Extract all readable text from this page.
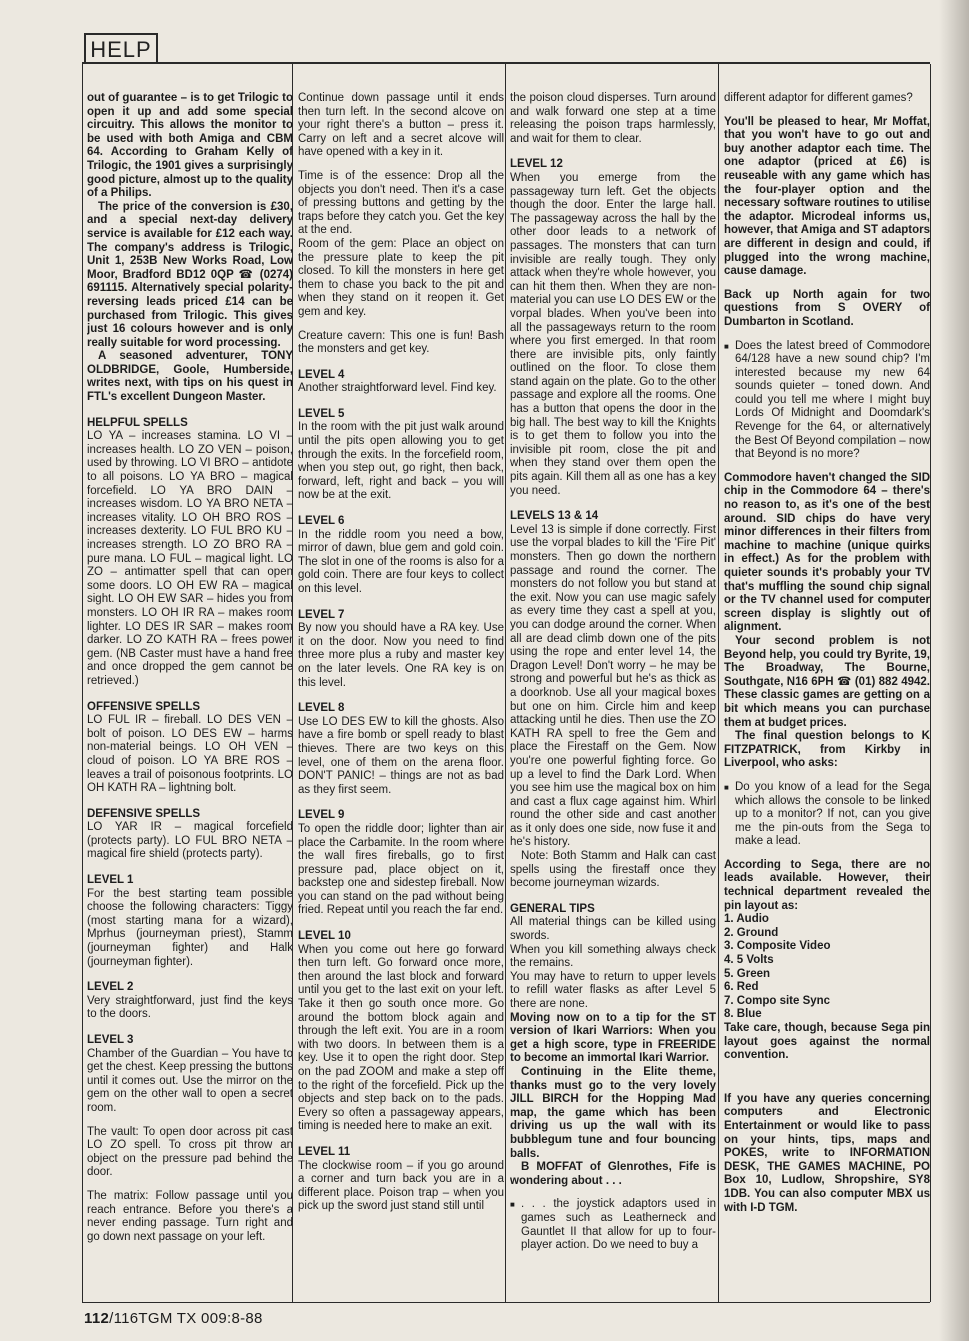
HELP

out of guarantee – is to get Trilogic to open it up and add some special circuitry. This allows the monitor to be used with both Amiga and CBM 64. According to Graham Kelly of Trilogic, the 1901 gives a surprisingly good picture, almost up to the quality of a Philips.

The price of the conversion is £30, and a special next-day delivery service is available for £12 each way. The company's address is Trilogic, Unit 1, 253B New Works Road, Low Moor, Bradford BD12 0QP ☎ (0274) 691115. Alternatively special polarity-reversing leads priced £14 can be purchased from Trilogic. This gives just 16 colours however and is only really suitable for word processing.

A seasoned adventurer, TONY OLDBRIDGE, Goole, Humberside, writes next, with tips on his quest in FTL's excellent Dungeon Master.

HELPFUL SPELLS

LO YA – increases stamina. LO VI – increases health. LO ZO VEN – poison, used by throwing. LO VI BRO – antidote to all poisons. LO YA BRO – magical forcefield. LO YA BRO DAIN – increases wisdom. LO YA BRO NETA – increases vitality. LO OH BRO ROS – increases dexterity. LO FUL BRO KU – increases strength. LO ZO BRO RA – pure mana. LO FUL – magical light. LO ZO – antimatter spell that can open some doors. LO OH EW RA – magical sight. LO OH EW SAR – hides you from monsters. LO OH IR RA – makes room lighter. LO DES IR SAR – makes room darker. LO ZO KATH RA – frees power gem. (NB Caster must have a hand free and once dropped the gem cannot be retrieved.)

OFFENSIVE SPELLS

LO FUL IR – fireball. LO DES VEN – bolt of poison. LO DES EW – harms non-material beings. LO OH VEN – cloud of poison. LO YA BRE ROS – leaves a trail of poisonous footprints. LO OH KATH RA – lightning bolt.

DEFENSIVE SPELLS

LO YAR IR – magical forcefield (protects party). LO FUL BRO NETA – magical fire shield (protects party).

LEVEL 1

For the best starting team possible choose the following characters: Tiggy (most starting mana for a wizard), Mprhus (journeyman priest), Stamm (journeyman fighter) and Halk (journeyman fighter).

LEVEL 2

Very straightforward, just find the keys to the doors.

LEVEL 3

Chamber of the Guardian – You have to get the chest. Keep pressing the buttons until it comes out. Use the mirror on the gem on the other wall to open a secret room.

The vault: To open door across pit cast LO ZO spell. To cross pit throw an object on the pressure pad behind the door.

The matrix: Follow passage until you reach entrance. Before you there's a never ending passage. Turn right and go down next passage on your left.

Continue down passage until it ends then turn left. In the second alcove on your right there's a button – press it. Carry on left and a secret alcove will have opened with a key in it.

Time is of the essence: Drop all the objects you don't need. Then it's a case of pressing buttons and getting by the traps before they catch you. Get the key at the end.

Room of the gem: Place an object on the pressure plate to keep the pit closed. To kill the monsters in here get them to chase you back to the pit and when they stand on it reopen it. Get gem and key.

Creature cavern: This one is fun! Bash the monsters and get key.

LEVEL 4

Another straightforward level. Find key.

LEVEL 5

In the room with the pit just walk around until the pits open allowing you to get through the exits. In the forcefield room, when you step out, go right, then back, forward, left, right and back – you will now be at the exit.

LEVEL 6

In the riddle room you need a bow, mirror of dawn, blue gem and gold coin. The slot in one of the rooms is also for a gold coin. There are four keys to collect on this level.

LEVEL 7

By now you should have a RA key. Use it on the door. Now you need to find three more plus a ruby and master key on the later levels. One RA key is on this level.

LEVEL 8

Use LO DES EW to kill the ghosts. Also have a fire bomb or spell ready to blast thieves. There are two keys on this level, one of them on the arena floor. DON'T PANIC! – things are not as bad as they first seem.

LEVEL 9

To open the riddle door; lighter than air place the Carbamite. In the room where the wall fires fireballs, go to first pressure pad, place object on it, backstep one and sidestep fireball. Now you can stand on the pad without being fried. Repeat until you reach the far end.

LEVEL 10

When you come out here go forward then turn left. Go forward once more, then around the last block and forward until you get to the last exit on your left. Take it then go south once more. Go around the bottom block again and through the left exit. You are in a room with two doors. In between them is a key. Use it to open the right door. Step on the pad ZOOM and make a step off to the right of the forcefield. Pick up the objects and step back on to the pads. Every so often a passageway appears, timing is needed here to make an exit.

LEVEL 11

The clockwise room – if you go around a corner and turn back you are in a different place. Poison trap – when you pick up the sword just stand still until

the poison cloud disperses. Turn around and walk forward one step at a time releasing the poison traps harmlessly, and wait for them to clear.

LEVEL 12

When you emerge from the passageway turn left. Get the objects though the door. Enter the large hall. The passageway across the hall by the other door leads to a network of passages. The monsters that can turn invisible are really tough. They only attack when they're whole however, you can hit them then. When they are non-material you can use LO DES EW or the vorpal blades. When you've been into all the passageways return to the room where you first emerged. In that room there are invisible pits, only faintly outlined on the floor. To close them stand again on the plate. Go to the other passage and explore all the rooms. One has a button that opens the door in the big hall. The best way to kill the Knights is to get them to follow you into the invisible pit room, close the pit and when they stand over them open the pits again. Kill them all as one has a key you need.

LEVELS 13 & 14

Level 13 is simple if done correctly. First use the vorpal blades to kill the 'Fire Pit' monsters. Then go down the northern passage and round the corner. The monsters do not follow you but stand at the exit. Now you can use magic safely as every time they cast a spell at you, you can dodge around the corner. When all are dead climb down one of the pits using the rope and enter level 14, the Dragon Level! Don't worry – he may be strong and powerful but he's as thick as a doorknob. Use all your magical boxes but one on him. Circle him and keep attacking until he dies. Then use the ZO KATH RA spell to free the Gem and place the Firestaff on the Gem. Now you're one powerful fighting force. Go up a level to find the Dark Lord. When you see him use the magical box on him and cast a flux cage against him. Whirl round the other side and cast another as it only does one side, now fuse it and he's history.

Note: Both Stamm and Halk can cast spells using the firestaff once they become journeyman wizards.

GENERAL TIPS

All material things can be killed using swords.

When you kill something always check the remains.

You may have to return to upper levels to refill water flasks as after Level 5 there are none.

Moving now on to a tip for the ST version of Ikari Warriors: When you get a high score, type in FREERIDE to become an immortal Ikari Warrior.

Continuing in the Elite theme, thanks must go to the very lovely JILL BIRCH for the Hopping Mad map, the game which has been driving us up the wall with its bubblegum tune and four bouncing balls.

B MOFFAT of Glenrothes, Fife is wondering about . . .

■ . . . the joystick adaptors used in games such as Leatherneck and Gauntlet II that allow for up to four-player action. Do we need to buy a

different adaptor for different games?

You'll be pleased to hear, Mr Moffat, that you won't have to go out and buy another adaptor each time. The one adaptor (priced at £6) is reuseable with any game which has the four-player option and the necessary software routines to utilise the adaptor. Microdeal informs us, however, that Amiga and ST adaptors are different in design and could, if plugged into the wrong machine, cause damage.

Back up North again for two questions from S OVERY of Dumbarton in Scotland.

■ Does the latest breed of Commodore 64/128 have a new sound chip? I'm interested because my new 64 sounds quieter – toned down. And could you tell me where I might buy Lords Of Midnight and Doomdark's Revenge for the 64, or alternatively the Best Of Beyond compilation – now that Beyond is no more?

Commodore haven't changed the SID chip in the Commodore 64 – there's no reason to, as it's one of the best around. SID chips do have very minor differences in their filters from machine to machine (unique quirks in effect.) As for the problem with quieter sounds it's probably your TV that's muffling the sound chip signal or the TV channel used for computer screen display is slightly out of alignment.

Your second problem is not Beyond help, you could try Byrite, 19, The Broadway, The Bourne, Southgate, N16 6PH ☎ (01) 882 4942. These classic games are getting on a bit which means you can purchase them at budget prices.

The final question belongs to K FITZPATRICK, from Kirkby in Liverpool, who asks:

■ Do you know of a lead for the Sega which allows the console to be linked up to a monitor? If not, can you give me the pin-outs from the Sega to make a lead.

According to Sega, there are no leads available. However, their technical department revealed the pin layout as:

1. Audio

2. Ground

3. Composite Video

4. 5 Volts

5. Green

6. Red

7. Compo site Sync

8. Blue

Take care, though, because Sega pin layout goes against the normal convention.

If you have any queries concerning computers and Electronic Entertainment or would like to pass on your hints, tips, maps and POKES, write to INFORMATION DESK, THE GAMES MACHINE, PO Box 10, Ludlow, Shropshire, SY8 1DB. You can also computer MBX us with I-D TGM.

112/116TGM TX 009:8-88
